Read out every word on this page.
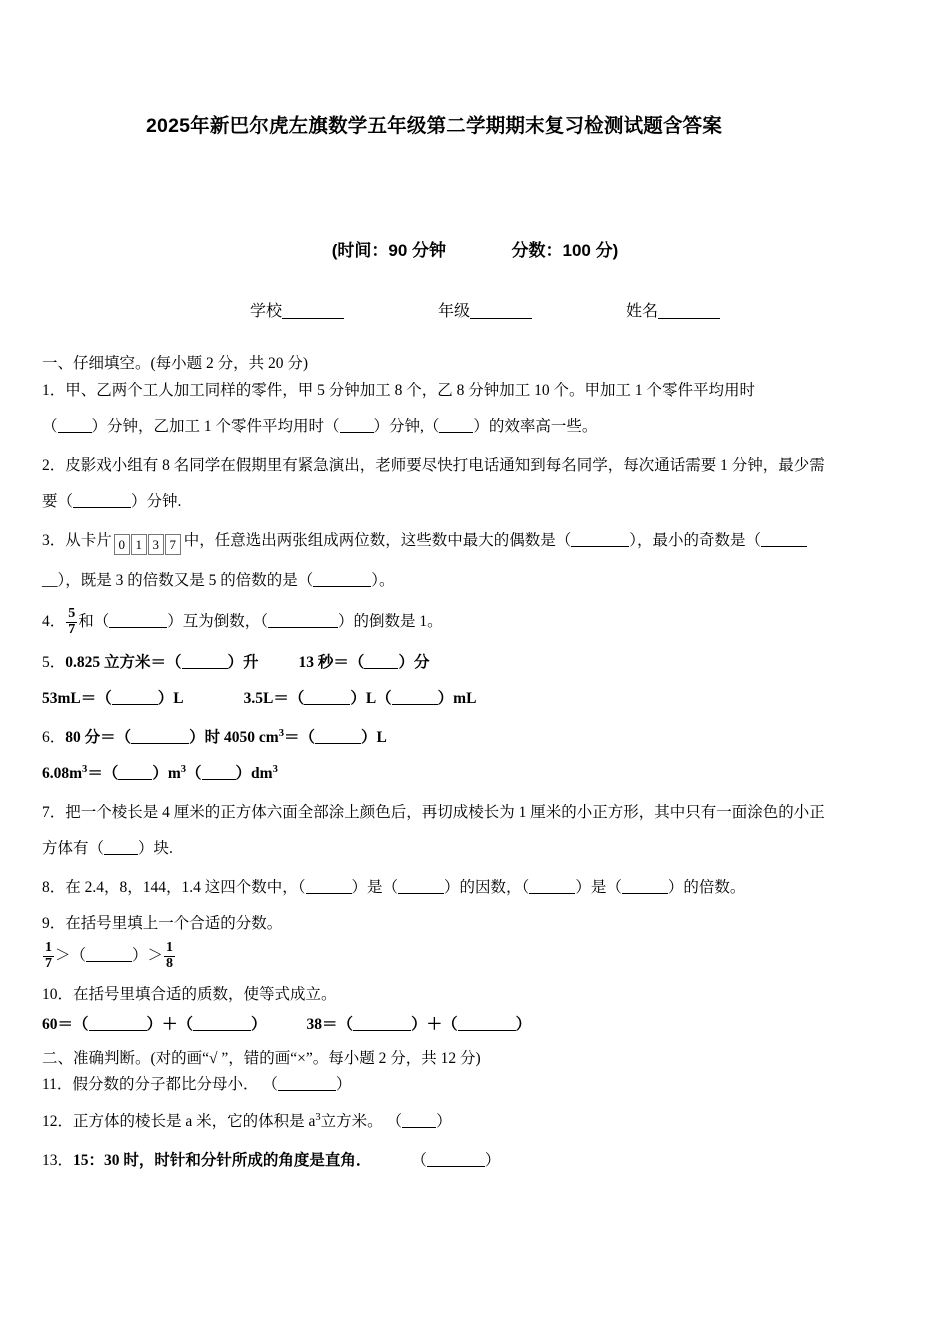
2025年新巴尔虎左旗数学五年级第二学期期末复习检测试题含答案
(时间：90 分钟	分数：100 分)
学校	年级	姓名

一、仔细填空。(每小题 2 分，共 20 分)

1．甲、乙两个工人加工同样的零件，甲 5 分钟加工 8 个，乙 8 分钟加工 10 个。甲加工 1 个零件平均用时

（ ）分钟，乙加工 1 个零件平均用时（ ）分钟,（ ）的效率高一些。

2．皮影戏小组有 8 名同学在假期里有紧急演出，老师要尽快打电话通知到每名同学，每次通话需要 1 分钟，最少需

要（	）分钟.

3．从卡片 0 1 3 7 中，任意选出两张组成两位数，这些数中最大的偶数是（	），最小的奇数是（

__），既是 3 的倍数又是 5 的倍数的是（	）。

4． $\frac{5}{7}$ 和（	）互为倒数，（	）的倒数是 1。

5．0.825 立方米＝（	）升	13 秒＝（ ）分

53mL＝（	）L	3.5L＝（	）L（	）mL

6．80 分＝（	）时 4050 $cm^3=$（	）L

$6.08m^3=$（ ）$m^3$（ ）$dm^3$

7．把一个棱长是 4 厘米的正方体六面全部涂上颜色后，再切成棱长为 1 厘米的小正方形，其中只有一面涂色的小正

方体有（ ）块.

8．在 2.4，8，144，1.4 这四个数中，（	）是（	）的因数，（	）是（	）的倍数。

9．在括号里填上一个合适的分数。

$\frac{1}{7}$ ＞（	）＞ $\frac{1}{8}$

10．在括号里填合适的质数，使等式成立。

60＝（	）＋（	）	38＝（	）＋（	）

二、准确判断。(对的画“√ ”，错的画“×”。每小题 2 分，共 12 分)

11．假分数的分子都比分母小． （	）

12．正方体的棱长是 a 米，它的体积是 $a^3$立方米。 （ ）

13．15：30 时，时针和分针所成的角度是直角．	（	）
